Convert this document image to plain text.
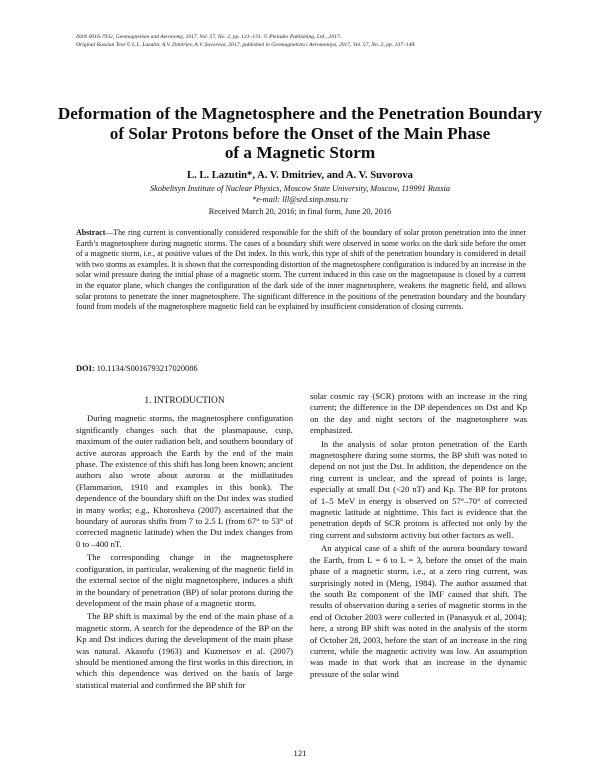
ISSN 0016-7932, Geomagnetism and Aeronomy, 2017, Vol. 57, No. 2, pp. 121–131. © Pleiades Publishing, Ltd., 2017.
Original Russian Text © L.L. Lazutin, A.V. Dmitriev, A.V. Suvorova, 2017, published in Geomagnetizm i Aeronomiya, 2017, Vol. 57, No. 2, pp. 137–148.
Deformation of the Magnetosphere and the Penetration Boundary
of Solar Protons before the Onset of the Main Phase
of a Magnetic Storm
L. L. Lazutin*, A. V. Dmitriev, and A. V. Suvorova
Skobeltsyn Institute of Nuclear Physics, Moscow State University, Moscow, 119991 Russia
*e-mail: lll@srd.sinp.msu.ru
Received March 20, 2016; in final form, June 20, 2016
Abstract—The ring current is conventionally considered responsible for the shift of the boundary of solar proton penetration into the inner Earth’s magnetosphere during magnetic storms. The cases of a boundary shift were observed in some works on the dark side before the onset of a magnetic storm, i.e., at positive values of the Dst index. In this work, this type of shift of the penetration boundary is considered in detail with two storms as examples. It is shown that the corresponding distortion of the magnetosphere configuration is induced by an increase in the solar wind pressure during the initial phase of a magnetic storm. The current induced in this case on the magnetopause is closed by a current in the equator plane, which changes the configuration of the dark side of the inner magnetosphere, weakens the magnetic field, and allows solar protons to penetrate the inner magnetosphere. The significant difference in the positions of the penetration boundary and the boundary found from models of the magnetosphere magnetic field can be explained by insufficient consideration of closing currents.
DOI: 10.1134/S0016793217020086
1. INTRODUCTION

During magnetic storms, the magnetosphere configuration significantly changes such that the plasmapause, cusp, maximum of the outer radiation belt, and southern boundary of active auroras approach the Earth by the end of the main phase. The existence of this shift has long been known; ancient authors also wrote about auroras at the midlatitudes (Flammarion, 1910 and examples in this book). The dependence of the boundary shift on the Dst index was studied in many works; e.g., Khorosheva (2007) ascertained that the boundary of auroras shifts from 7 to 2.5 L (from 67° to 53° of corrected magnetic latitude) when the Dst index changes from 0 to –400 nT.

The corresponding change in the magnetosphere configuration, in particular, weakening of the magnetic field in the external sector of the night magnetosphere, induces a shift in the boundary of penetration (BP) of solar protons during the development of the main phase of a magnetic storm.

The BP shift is maximal by the end of the main phase of a magnetic storm. A search for the dependence of the BP on the Kp and Dst indices during the development of the main phase was natural. Akasofu (1963) and Kuznetsov et al. (2007) should be mentioned among the first works in this direction, in which this dependence was derived on the basis of large statistical material and confirmed the BP shift for

solar cosmic ray (SCR) protons with an increase in the ring current; the difference in the DP dependences on Dst and Kp on the day and night sectors of the magnetosphere was emphasized.

In the analysis of solar proton penetration of the Earth magnetosphere during some storms, the BP shift was noted to depend on not just the Dst. In addition, the dependence on the ring current is unclear, and the spread of points is large, especially at small Dst (<20 nT) and Kp. The BP for protons of 1–5 MeV in energy is observed on 57°–70° of corrected magnetic latitude at nighttime. This fact is evidence that the penetration depth of SCR protons is affected not only by the ring current and substorm activity but other factors as well.

An atypical case of a shift of the aurora boundary toward the Earth, from L = 6 to L = 3, before the onset of the main phase of a magnetic storm, i.e., at a zero ring current, was surprisingly noted in (Meng, 1984). The author assumed that the south Bz component of the IMF caused that shift. The results of observation during a series of magnetic storms in the end of October 2003 were collected in (Panasyuk et al, 2004); here, a strong BP shift was noted in the analysis of the storm of October 28, 2003, before the start of an increase in the ring current, while the magnetic activity was low. An assumption was made in that work that an increase in the dynamic pressure of the solar wind

121
